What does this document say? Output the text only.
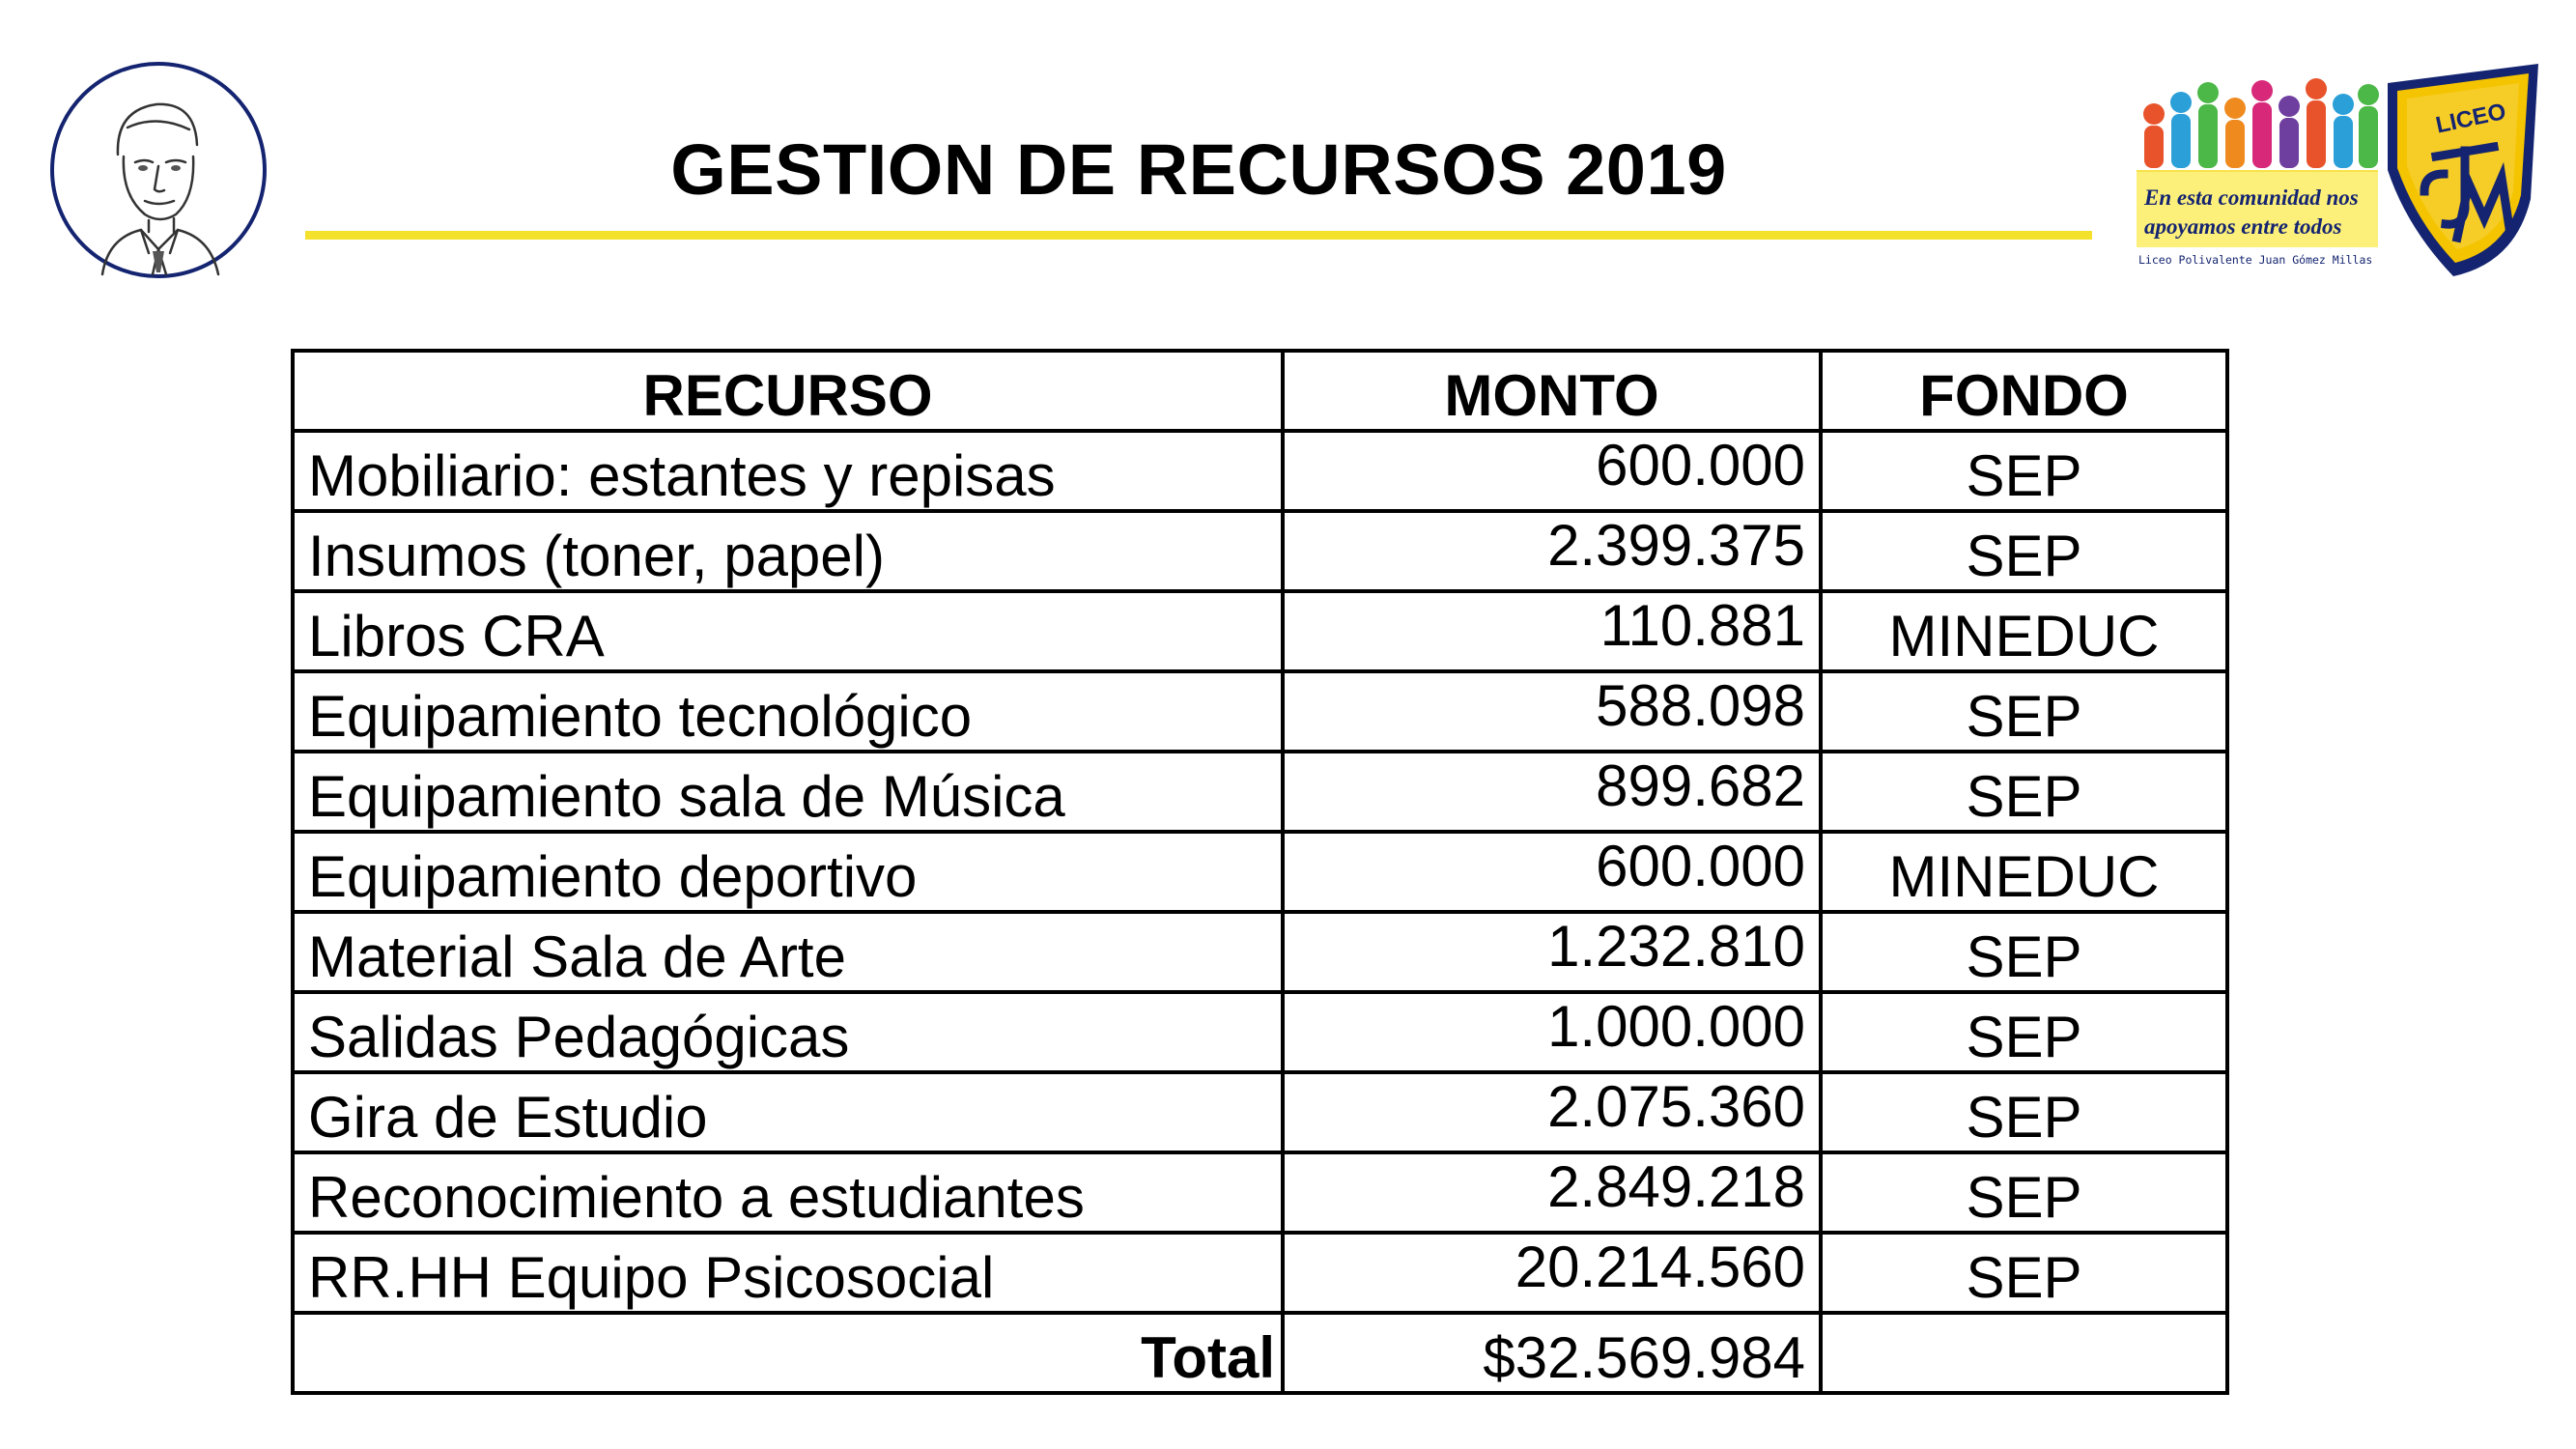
GESTION DE RECURSOS 2019	En esta comunidad nos
apoyamos entre todos
Liceo Polivalente Juan Gómez Millas
LICEO
RECURSO	MONTO	FONDO
Mobiliario: estantes y repisas	600.000	SEP
Insumos (toner, papel)	2.399.375	SEP
Libros CRA	110.881	MINEDUC
Equipamiento tecnológico	588.098	SEP
Equipamiento sala de Música	899.682	SEP
Equipamiento deportivo	600.000	MINEDUC
Material Sala de Arte	1.232.810	SEP
Salidas Pedagógicas	1.000.000	SEP
Gira de Estudio	2.075.360	SEP
Reconocimiento a estudiantes	2.849.218	SEP
RR.HH Equipo Psicosocial	20.214.560	SEP
Total	$32.569.984	
